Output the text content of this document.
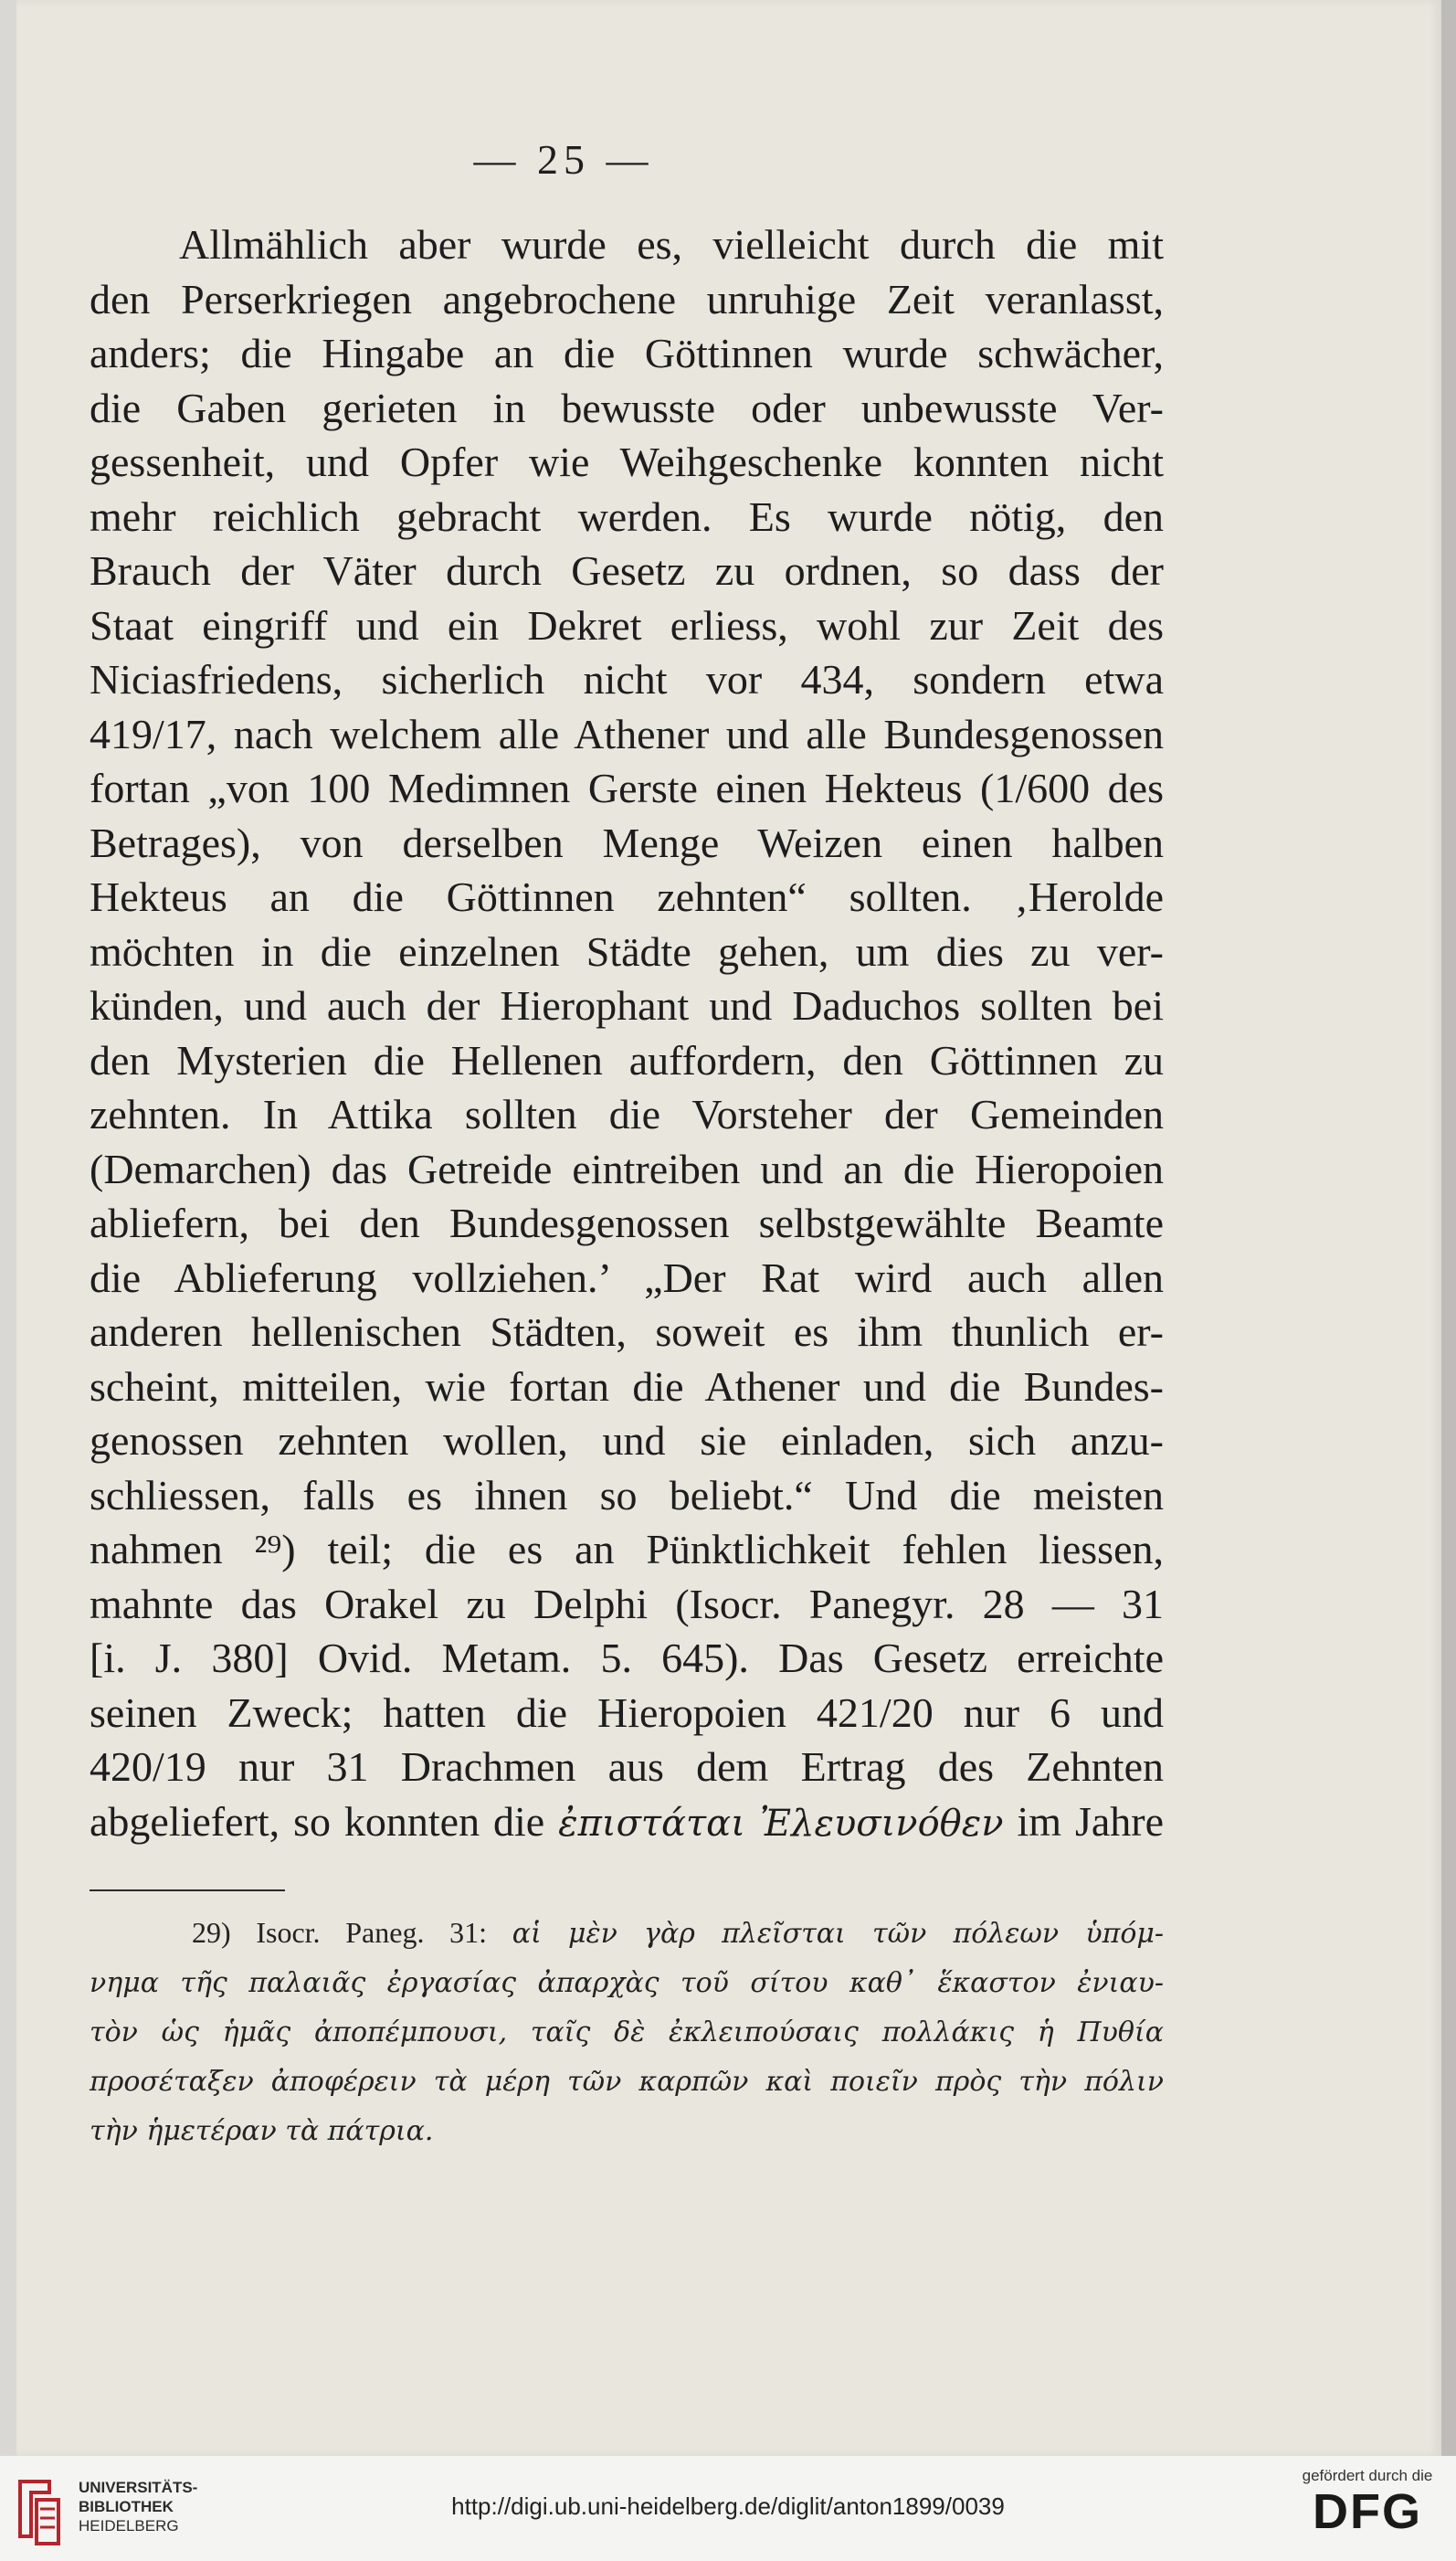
— 25 —

Allmählich aber wurde es, vielleicht durch die mit
den Perserkriegen angebrochene unruhige Zeit veranlasst,
anders; die Hingabe an die Göttinnen wurde schwächer,
die Gaben gerieten in bewusste oder unbewusste Ver-
gessenheit, und Opfer wie Weihgeschenke konnten nicht
mehr reichlich gebracht werden. Es wurde nötig, den
Brauch der Väter durch Gesetz zu ordnen, so dass der
Staat eingriff und ein Dekret erliess, wohl zur Zeit des
Niciasfriedens, sicherlich nicht vor 434, sondern etwa
419/17, nach welchem alle Athener und alle Bundesgenossen
fortan „von 100 Medimnen Gerste einen Hekteus (1/600 des
Betrages), von derselben Menge Weizen einen halben
Hekteus an die Göttinnen zehnten“ sollten. ‚Herolde
möchten in die einzelnen Städte gehen, um dies zu ver-
künden, und auch der Hierophant und Daduchos sollten bei
den Mysterien die Hellenen auffordern, den Göttinnen zu
zehnten. In Attika sollten die Vorsteher der Gemeinden
(Demarchen) das Getreide eintreiben und an die Hieropoien
abliefern, bei den Bundesgenossen selbstgewählte Beamte
die Ablieferung vollziehen.’ „Der Rat wird auch allen
anderen hellenischen Städten, soweit es ihm thunlich er-
scheint, mitteilen, wie fortan die Athener und die Bundes-
genossen zehnten wollen, und sie einladen, sich anzu-
schliessen, falls es ihnen so beliebt.“ Und die meisten
nahmen ²⁹) teil; die es an Pünktlichkeit fehlen liessen,
mahnte das Orakel zu Delphi (Isocr. Panegyr. 28 — 31
[i. J. 380] Ovid. Metam. 5. 645). Das Gesetz erreichte
seinen Zweck; hatten die Hieropoien 421/20 nur 6 und
420/19 nur 31 Drachmen aus dem Ertrag des Zehnten
abgeliefert, so konnten die ἐπιστάται Ἐλευσινόθεν im Jahre

29) Isocr. Paneg. 31: αἱ μὲν γὰρ πλεῖσται τῶν πόλεων ὑπόμ-
νημα τῆς παλαιᾶς ἐργασίας ἀπαρχὰς τοῦ σίτου καθ᾽ ἕκαστον ἐνιαυ-
τὸν ὡς ἡμᾶς ἀποπέμπουσι, ταῖς δὲ ἐκλειπούσαις πολλάκις ἡ Πυθία
προσέταξεν ἀποφέρειν τὰ μέρη τῶν καρπῶν καὶ ποιεῖν πρὸς τὴν πόλιν
τὴν ἡμετέραν τὰ πάτρια.

UNIVERSITÄTS-
BIBLIOTHEK
HEIDELBERG
http://digi.ub.uni-heidelberg.de/diglit/anton1899/0039
gefördert durch die
DFG
